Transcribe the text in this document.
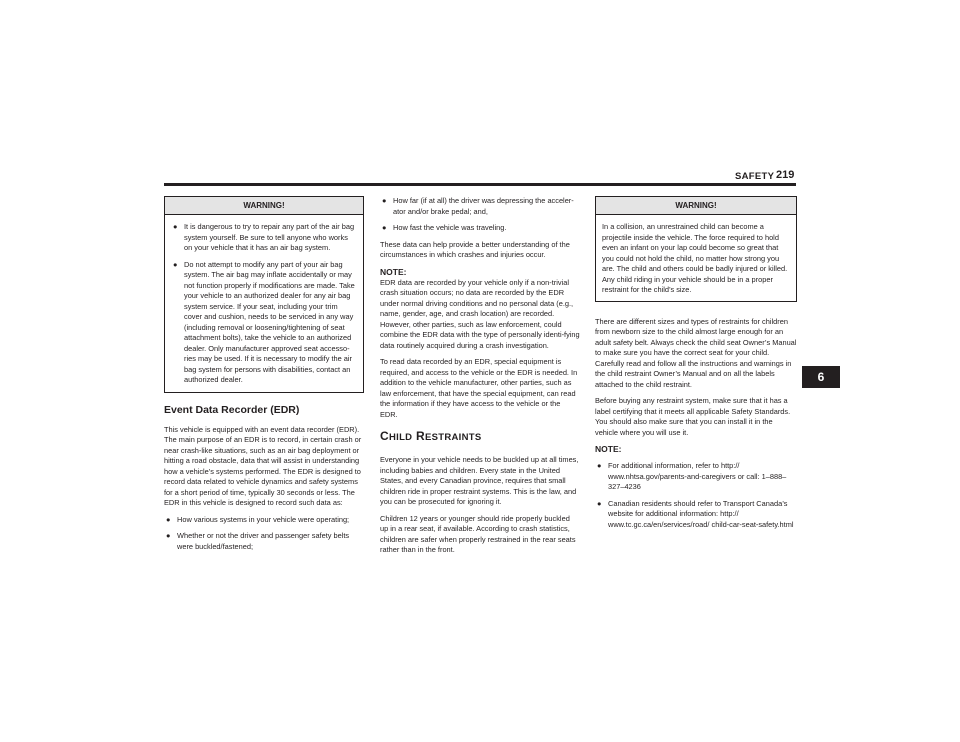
SAFETY 219
WARNING!
● It is dangerous to try to repair any part of the air bag system yourself. Be sure to tell anyone who works on your vehicle that it has an air bag system.
● Do not attempt to modify any part of your air bag system. The air bag may inflate accidentally or may not function properly if modifications are made. Take your vehicle to an authorized dealer for any air bag system service. If your seat, including your trim cover and cushion, needs to be serviced in any way (including removal or loosening/tightening of seat attachment bolts), take the vehicle to an authorized dealer. Only manufacturer approved seat accesso-ries may be used. If it is necessary to modify the air bag system for persons with disabilities, contact an authorized dealer.
Event Data Recorder (EDR)

This vehicle is equipped with an event data recorder (EDR). The main purpose of an EDR is to record, in certain crash or near crash-like situations, such as an air bag deployment or hitting a road obstacle, data that will assist in understanding how a vehicle’s systems performed. The EDR is designed to record data related to vehicle dynamics and safety systems for a short period of time, typically 30 seconds or less. The EDR in this vehicle is designed to record such data as:

● How various systems in your vehicle were operating;
● Whether or not the driver and passenger safety belts were buckled/fastened;
● How far (if at all) the driver was depressing the acceler-ator and/or brake pedal; and,
● How fast the vehicle was traveling.

These data can help provide a better understanding of the circumstances in which crashes and injuries occur.

NOTE:

EDR data are recorded by your vehicle only if a non-trivial crash situation occurs; no data are recorded by the EDR under normal driving conditions and no personal data (e.g., name, gender, age, and crash location) are recorded. However, other parties, such as law enforcement, could combine the EDR data with the type of personally identi-fying data routinely acquired during a crash investigation.

To read data recorded by an EDR, special equipment is required, and access to the vehicle or the EDR is needed. In addition to the vehicle manufacturer, other parties, such as law enforcement, that have the special equipment, can read the information if they have access to the vehicle or the EDR.

CHILD RESTRAINTS

Everyone in your vehicle needs to be buckled up at all times, including babies and children. Every state in the United States, and every Canadian province, requires that small children ride in proper restraint systems. This is the law, and you can be prosecuted for ignoring it.

Children 12 years or younger should ride properly buckled up in a rear seat, if available. According to crash statistics, children are safer when properly restrained in the rear seats rather than in the front.

WARNING!

In a collision, an unrestrained child can become a projectile inside the vehicle. The force required to hold even an infant on your lap could become so great that you could not hold the child, no matter how strong you are. The child and others could be badly injured or killed. Any child riding in your vehicle should be in a proper restraint for the child’s size.

There are different sizes and types of restraints for children from newborn size to the child almost large enough for an adult safety belt. Always check the child seat Owner’s Manual to make sure you have the correct seat for your child. Carefully read and follow all the instructions and warnings in the child restraint Owner’s Manual and on all the labels attached to the child restraint.

Before buying any restraint system, make sure that it has a label certifying that it meets all applicable Safety Standards. You should also make sure that you can install it in the vehicle where you will use it.

NOTE:
● For additional information, refer to http:// www.nhtsa.gov/parents-and-caregivers or call: 1–888–327–4236
● Canadian residents should refer to Transport Canada’s website for additional information: http:// www.tc.gc.ca/en/services/road/ child-car-seat-safety.html
6
